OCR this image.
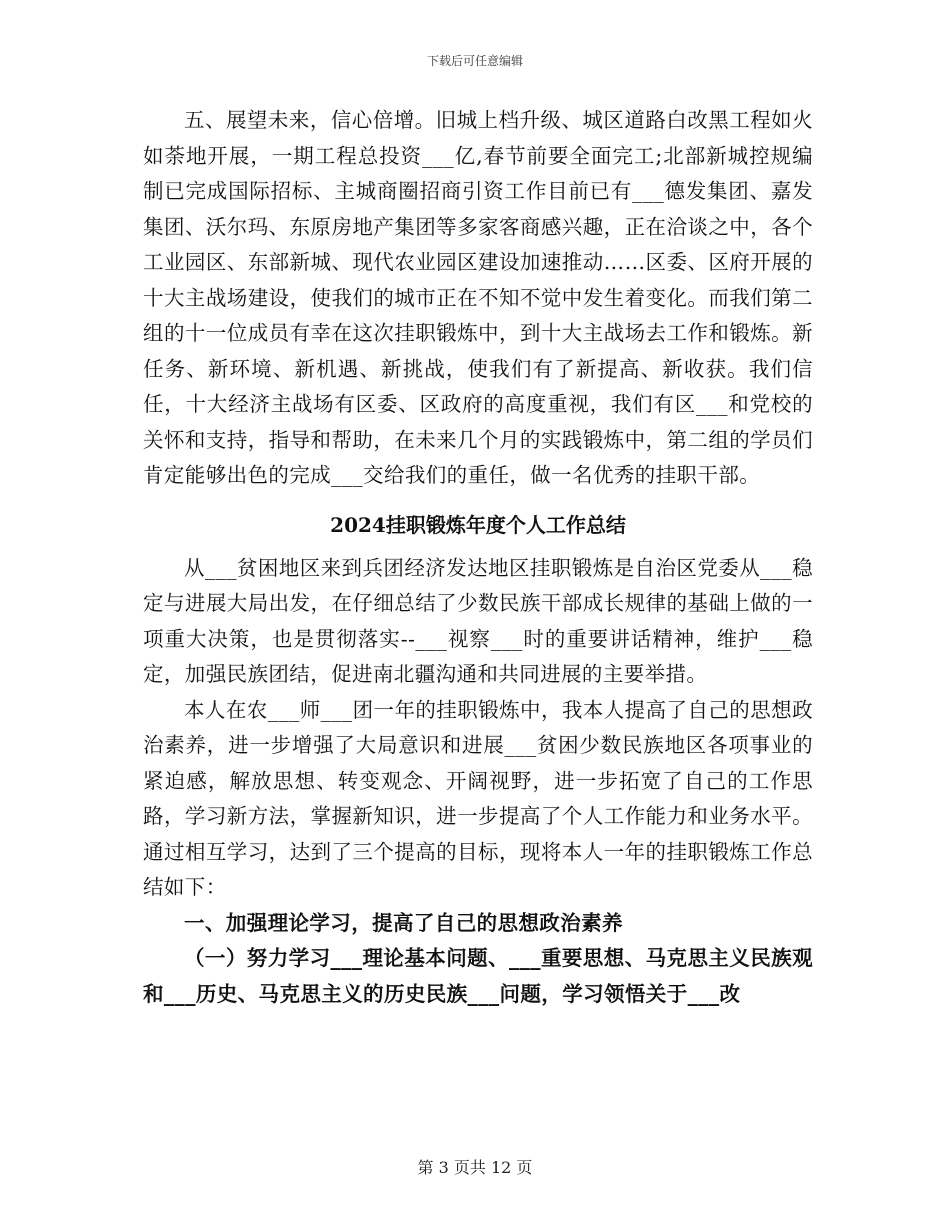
下载后可任意编辑

五、展望未来，信心倍增。旧城上档升级、城区道路白改黑工程如火如荼地开展，一期工程总投资___亿,春节前要全面完工;北部新城控规编制已完成国际招标、主城商圈招商引资工作目前已有___德发集团、嘉发集团、沃尔玛、东原房地产集团等多家客商感兴趣，正在洽谈之中，各个工业园区、东部新城、现代农业园区建设加速推动……区委、区府开展的十大主战场建设，使我们的城市正在不知不觉中发生着变化。而我们第二组的十一位成员有幸在这次挂职锻炼中，到十大主战场去工作和锻炼。新任务、新环境、新机遇、新挑战，使我们有了新提高、新收获。我们信任，十大经济主战场有区委、区政府的高度重视，我们有区___和党校的关怀和支持，指导和帮助，在未来几个月的实践锻炼中，第二组的学员们肯定能够出色的完成___交给我们的重任，做一名优秀的挂职干部。

2024挂职锻炼年度个人工作总结

从___贫困地区来到兵团经济发达地区挂职锻炼是自治区党委从___稳定与进展大局出发，在仔细总结了少数民族干部成长规律的基础上做的一项重大决策，也是贯彻落实--___视察___时的重要讲话精神，维护___稳定，加强民族团结，促进南北疆沟通和共同进展的主要举措。

本人在农___师___团一年的挂职锻炼中，我本人提高了自己的思想政治素养，进一步增强了大局意识和进展___贫困少数民族地区各项事业的紧迫感，解放思想、转变观念、开阔视野，进一步拓宽了自己的工作思路，学习新方法，掌握新知识，进一步提高了个人工作能力和业务水平。通过相互学习，达到了三个提高的目标，现将本人一年的挂职锻炼工作总结如下：

一、加强理论学习，提高了自己的思想政治素养

（一）努力学习___理论基本问题、___重要思想、马克思主义民族观和___历史、马克思主义的历史民族___问题，学习领悟关于___改

第 3 页共 12 页
